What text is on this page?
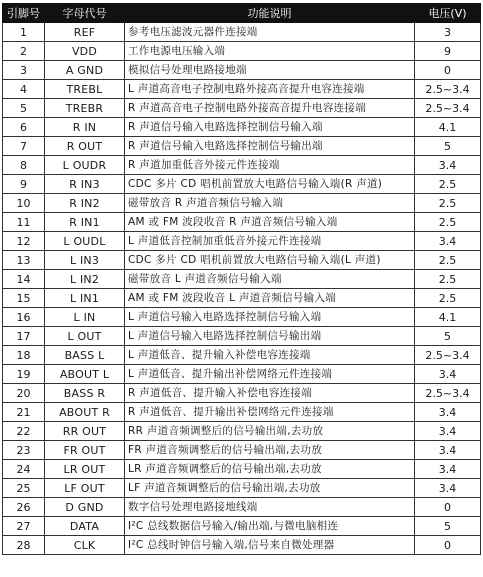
引脚号	字母代号	功能说明	电压(V)
1	REF	参考电压滤波元器件连接端	3
2	VDD	工作电源电压输入端	9
3	A GND	模拟信号处理电路接地端	0
4	TREBL	L 声道高音电子控制电路外接高音提升电容连接端	2.5~3.4
5	TREBR	R 声道高音电子控制电路外接高音提升电容连接端	2.5~3.4
6	R IN	R 声道信号输入电路选择控制信号输入端	4.1
7	R OUT	R 声道信号输入电路选择控制信号输出端	5
8	L OUDR	R 声道加重低音外接元件连接端	3.4
9	R IN3	CDC 多片 CD 唱机前置放大电路信号输入端(R 声道)	2.5
10	R IN2	磁带放音 R 声道音频信号输入端	2.5
11	R IN1	AM 或 FM 波段收音 R 声道音频信号输入端	2.5
12	L OUDL	L 声道低音控制加重低音外接元件连接端	3.4
13	L IN3	CDC 多片 CD 唱机前置放大电路信号输入端(L 声道)	2.5
14	L IN2	磁带放音 L 声道音频信号输入端	2.5
15	L IN1	AM 或 FM 波段收音 L 声道音频信号输入端	2.5
16	L IN	L 声道信号输入电路选择控制信号输入端	4.1
17	L OUT	L 声道信号输入电路选择控制信号输出端	5
18	BASS L	L 声道低音、提升输入补偿电容连接端	2.5~3.4
19	ABOUT L	L 声道低音、提升输出补偿网络元件连接端	3.4
20	BASS R	R 声道低音、提升输入补偿电容连接端	2.5~3.4
21	ABOUT R	R 声道低音、提升输出补偿网络元件连接端	3.4
22	RR OUT	RR 声道音频调整后的信号输出端,去功放	3.4
23	FR OUT	FR 声道音频调整后的信号输出端,去功放	3.4
24	LR OUT	LR 声道音频调整后的信号输出端,去功放	3.4
25	LF OUT	LF 声道音频调整后的信号输出端,去功放	3.4
26	D GND	数字信号处理电路接地线端	0
27	DATA	I²C 总线数据信号输入/输出端,与微电脑相连	5
28	CLK	I²C 总线时钟信号输入端,信号来自微处理器	0
